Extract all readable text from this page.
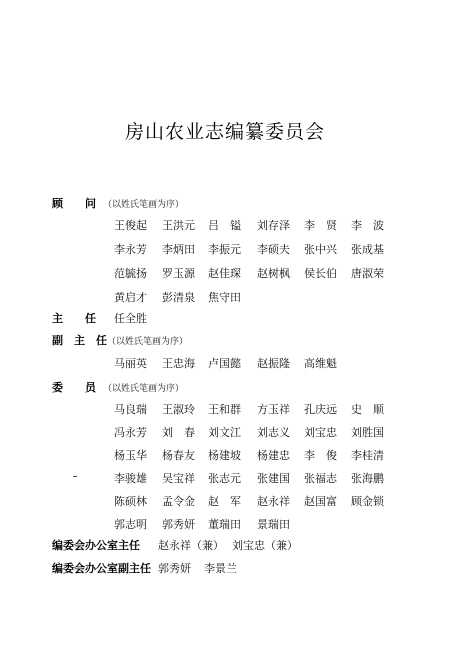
房山农业志编纂委员会
顾　　问 （以姓氏笔画为序）
王俊起 王洪元 吕　镒 刘存泽 李　贤 李　波
李永芳 李炳田 李振元 李硕夫 张中兴 张成基
范毓扬 罗玉源 赵佳琛 赵树枫 侯长伯 唐淑荣
黄启才 彭清泉 焦守田
主　　任 任全胜
副　主　任 （以姓氏笔画为序）
马丽英 王忠海 卢国懿 赵振隆 高维魁
委　　员 （以姓氏笔画为序）
马良瑞 王淑玲 王和群 方玉祥 孔庆远 史　顺
冯永芳 刘　春 刘文江 刘志义 刘宝忠 刘胜国
杨玉华 杨春友 杨建坡 杨建忠 李　俊 李桂清
李骏雄 吴宝祥 张志元 张建国 张福志 张海鹏
陈硕林 孟令金 赵　军 赵永祥 赵国富 顾金锁
郭志明 郭秀妍 董瑞田 景瑞田
编委会办公室主任 赵永祥（兼） 刘宝忠（兼）
编委会办公室副主任 郭秀妍 李景兰
